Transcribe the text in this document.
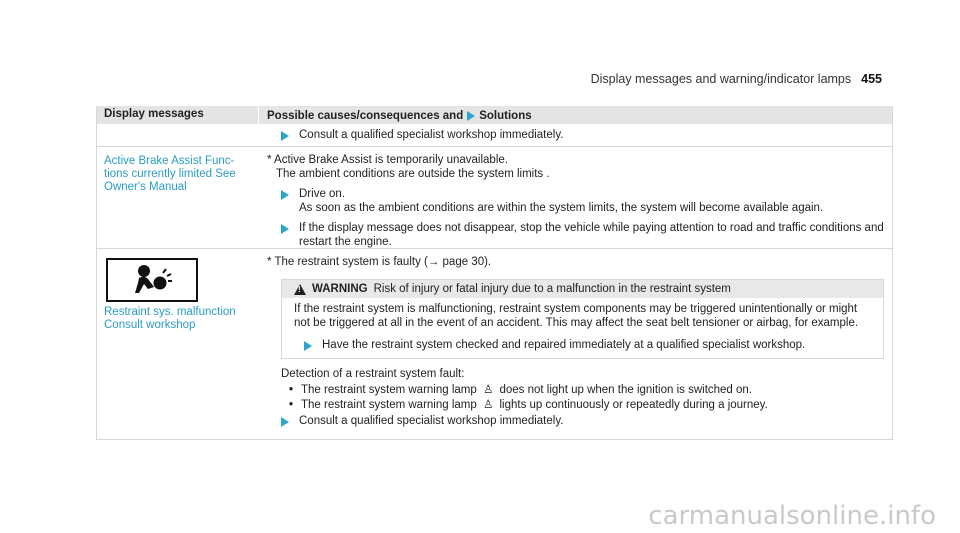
Display messages and warning/indicator lamps 455
Display messages	Possible causes/consequences and Solutions
Consult a qualified specialist workshop immediately.
Active Brake Assist Func- tions currently limited See Owner's Manual
* Active Brake Assist is temporarily unavailable.
The ambient conditions are outside the system limits .
Drive on.
As soon as the ambient conditions are within the system limits, the system will become available again.
If the display message does not disappear, stop the vehicle while paying attention to road and traffic conditions and restart the engine.
Restraint sys. malfunction Consult workshop
* The restraint system is faulty (→ page 30).
!
WARNING Risk of injury or fatal injury due to a malfunction in the restraint system
If the restraint system is malfunctioning, restraint system components may be triggered unintentionally or might not be triggered at all in the event of an accident. This may affect the seat belt tensioner or airbag, for example.
Have the restraint system checked and repaired immediately at a qualified specialist workshop.
Detection of a restraint system fault:
• The restraint system warning lamp ♙ does not light up when the ignition is switched on.
• The restraint system warning lamp ♙ lights up continuously or repeatedly during a journey.
Consult a qualified specialist workshop immediately.
carmanualsonline.info
